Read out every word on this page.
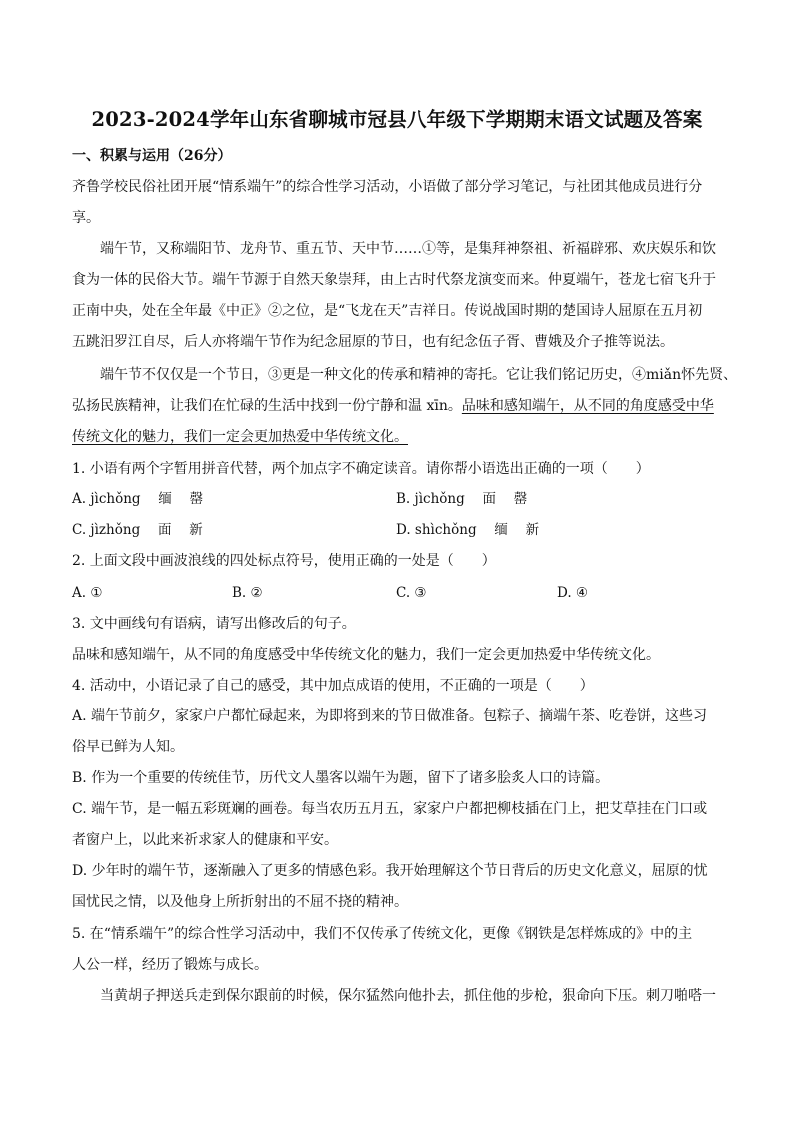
2023-2024学年山东省聊城市冠县八年级下学期期末语文试题及答案
一、积累与运用（26分）
齐鲁学校民俗社团开展“情系端午”的综合性学习活动，小语做了部分学习笔记，与社团其他成员进行分
享。
端午节，又称端阳节、龙舟节、重五节、天中节……①等，是集拜神祭祖、祈福辟邪、欢庆娱乐和饮
食为一体的民俗大节。端午节源于自然天象崇拜，由上古时代祭龙演变而来。仲夏端午，苍龙七宿飞升于
正南中央，处在全年最《中正》②之位，是“飞龙在天”吉祥日。传说战国时期的楚国诗人屈原在五月初
五跳汨罗江自尽，后人亦将端午节作为纪念屈原的节日，也有纪念伍子胥、曹娥及介子推等说法。
端午节不仅仅是一个节日，③更是一种文化的传承和精神的寄托。它让我们铭记历史，④miǎn怀先贤、
弘扬民族精神，让我们在忙碌的生活中找到一份宁静和温 xīn。品味和感知端午，从不同的角度感受中华
传统文化的魅力，我们一定会更加热爱中华传统文化。
1. 小语有两个字暂用拼音代替，两个加点字不确定读音。请你帮小语选出正确的一项（　　）
A. jìchǒng　 缅　 罄	B. jìchǒng　 面　 罄
C. jìzhǒng　 面　 新	D. shìchǒng　 缅　 新
2. 上面文段中画波浪线的四处标点符号，使用正确的一处是（　　）
A. ①	B. ②	C. ③	D. ④
3. 文中画线句有语病，请写出修改后的句子。
品味和感知端午，从不同的角度感受中华传统文化的魅力，我们一定会更加热爱中华传统文化。
4. 活动中，小语记录了自己的感受，其中加点成语的使用，不正确的一项是（　　）
A. 端午节前夕，家家户户都忙碌起来，为即将到来的节日做准备。包粽子、摘端午茶、吃卷饼，这些习
俗早已鲜为人知。
B. 作为一个重要的传统佳节，历代文人墨客以端午为题，留下了诸多脍炙人口的诗篇。
C. 端午节，是一幅五彩斑斓的画卷。每当农历五月五，家家户户都把柳枝插在门上，把艾草挂在门口或
者窗户上，以此来祈求家人的健康和平安。
D. 少年时的端午节，逐渐融入了更多的情感色彩。我开始理解这个节日背后的历史文化意义，屈原的忧
国忧民之情，以及他身上所折射出的不屈不挠的精神。
5. 在“情系端午”的综合性学习活动中，我们不仅传承了传统文化，更像《钢铁是怎样炼成的》中的主
人公一样，经历了锻炼与成长。
当黄胡子押送兵走到保尔跟前的时候，保尔猛然向他扑去，抓住他的步枪，狠命向下压。刺刀啪嗒一
